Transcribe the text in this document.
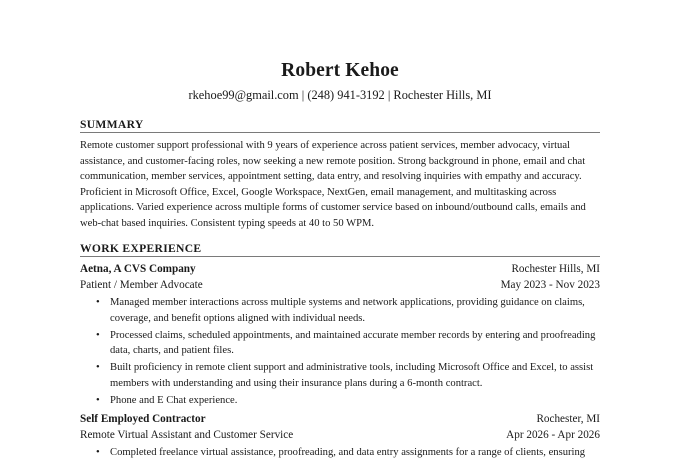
Robert Kehoe
rkehoe99@gmail.com | (248) 941-3192 | Rochester Hills, MI
SUMMARY

Remote customer support professional with 9 years of experience across patient services, member advocacy, virtual assistance, and customer-facing roles, now seeking a new remote position. Strong background in phone, email and chat communication, member services, appointment setting, data entry, and resolving inquiries with empathy and accuracy. Proficient in Microsoft Office, Excel, Google Workspace, NextGen, email management, and multitasking across applications. Varied experience across multiple forms of customer service based on inbound/outbound calls, emails and web-chat based inquiries. Consistent typing speeds at 40 to 50 WPM.

WORK EXPERIENCE
Aetna, A CVS Company	Rochester Hills, MI
Patient / Member Advocate	May 2023 - Nov 2023
• Managed member interactions across multiple systems and network applications, providing guidance on claims, coverage, and benefit options aligned with individual needs.
• Processed claims, scheduled appointments, and maintained accurate member records by entering and proofreading data, charts, and patient files.
• Built proficiency in remote client support and administrative tools, including Microsoft Office and Excel, to assist members with understanding and using their insurance plans during a 6-month contract.
• Phone and E Chat experience.
Self Employed Contractor	Rochester, MI
Remote Virtual Assistant and Customer Service	Apr 2026 - Apr 2026
• Completed freelance virtual assistance, proofreading, and data entry assignments for a range of clients, ensuring
